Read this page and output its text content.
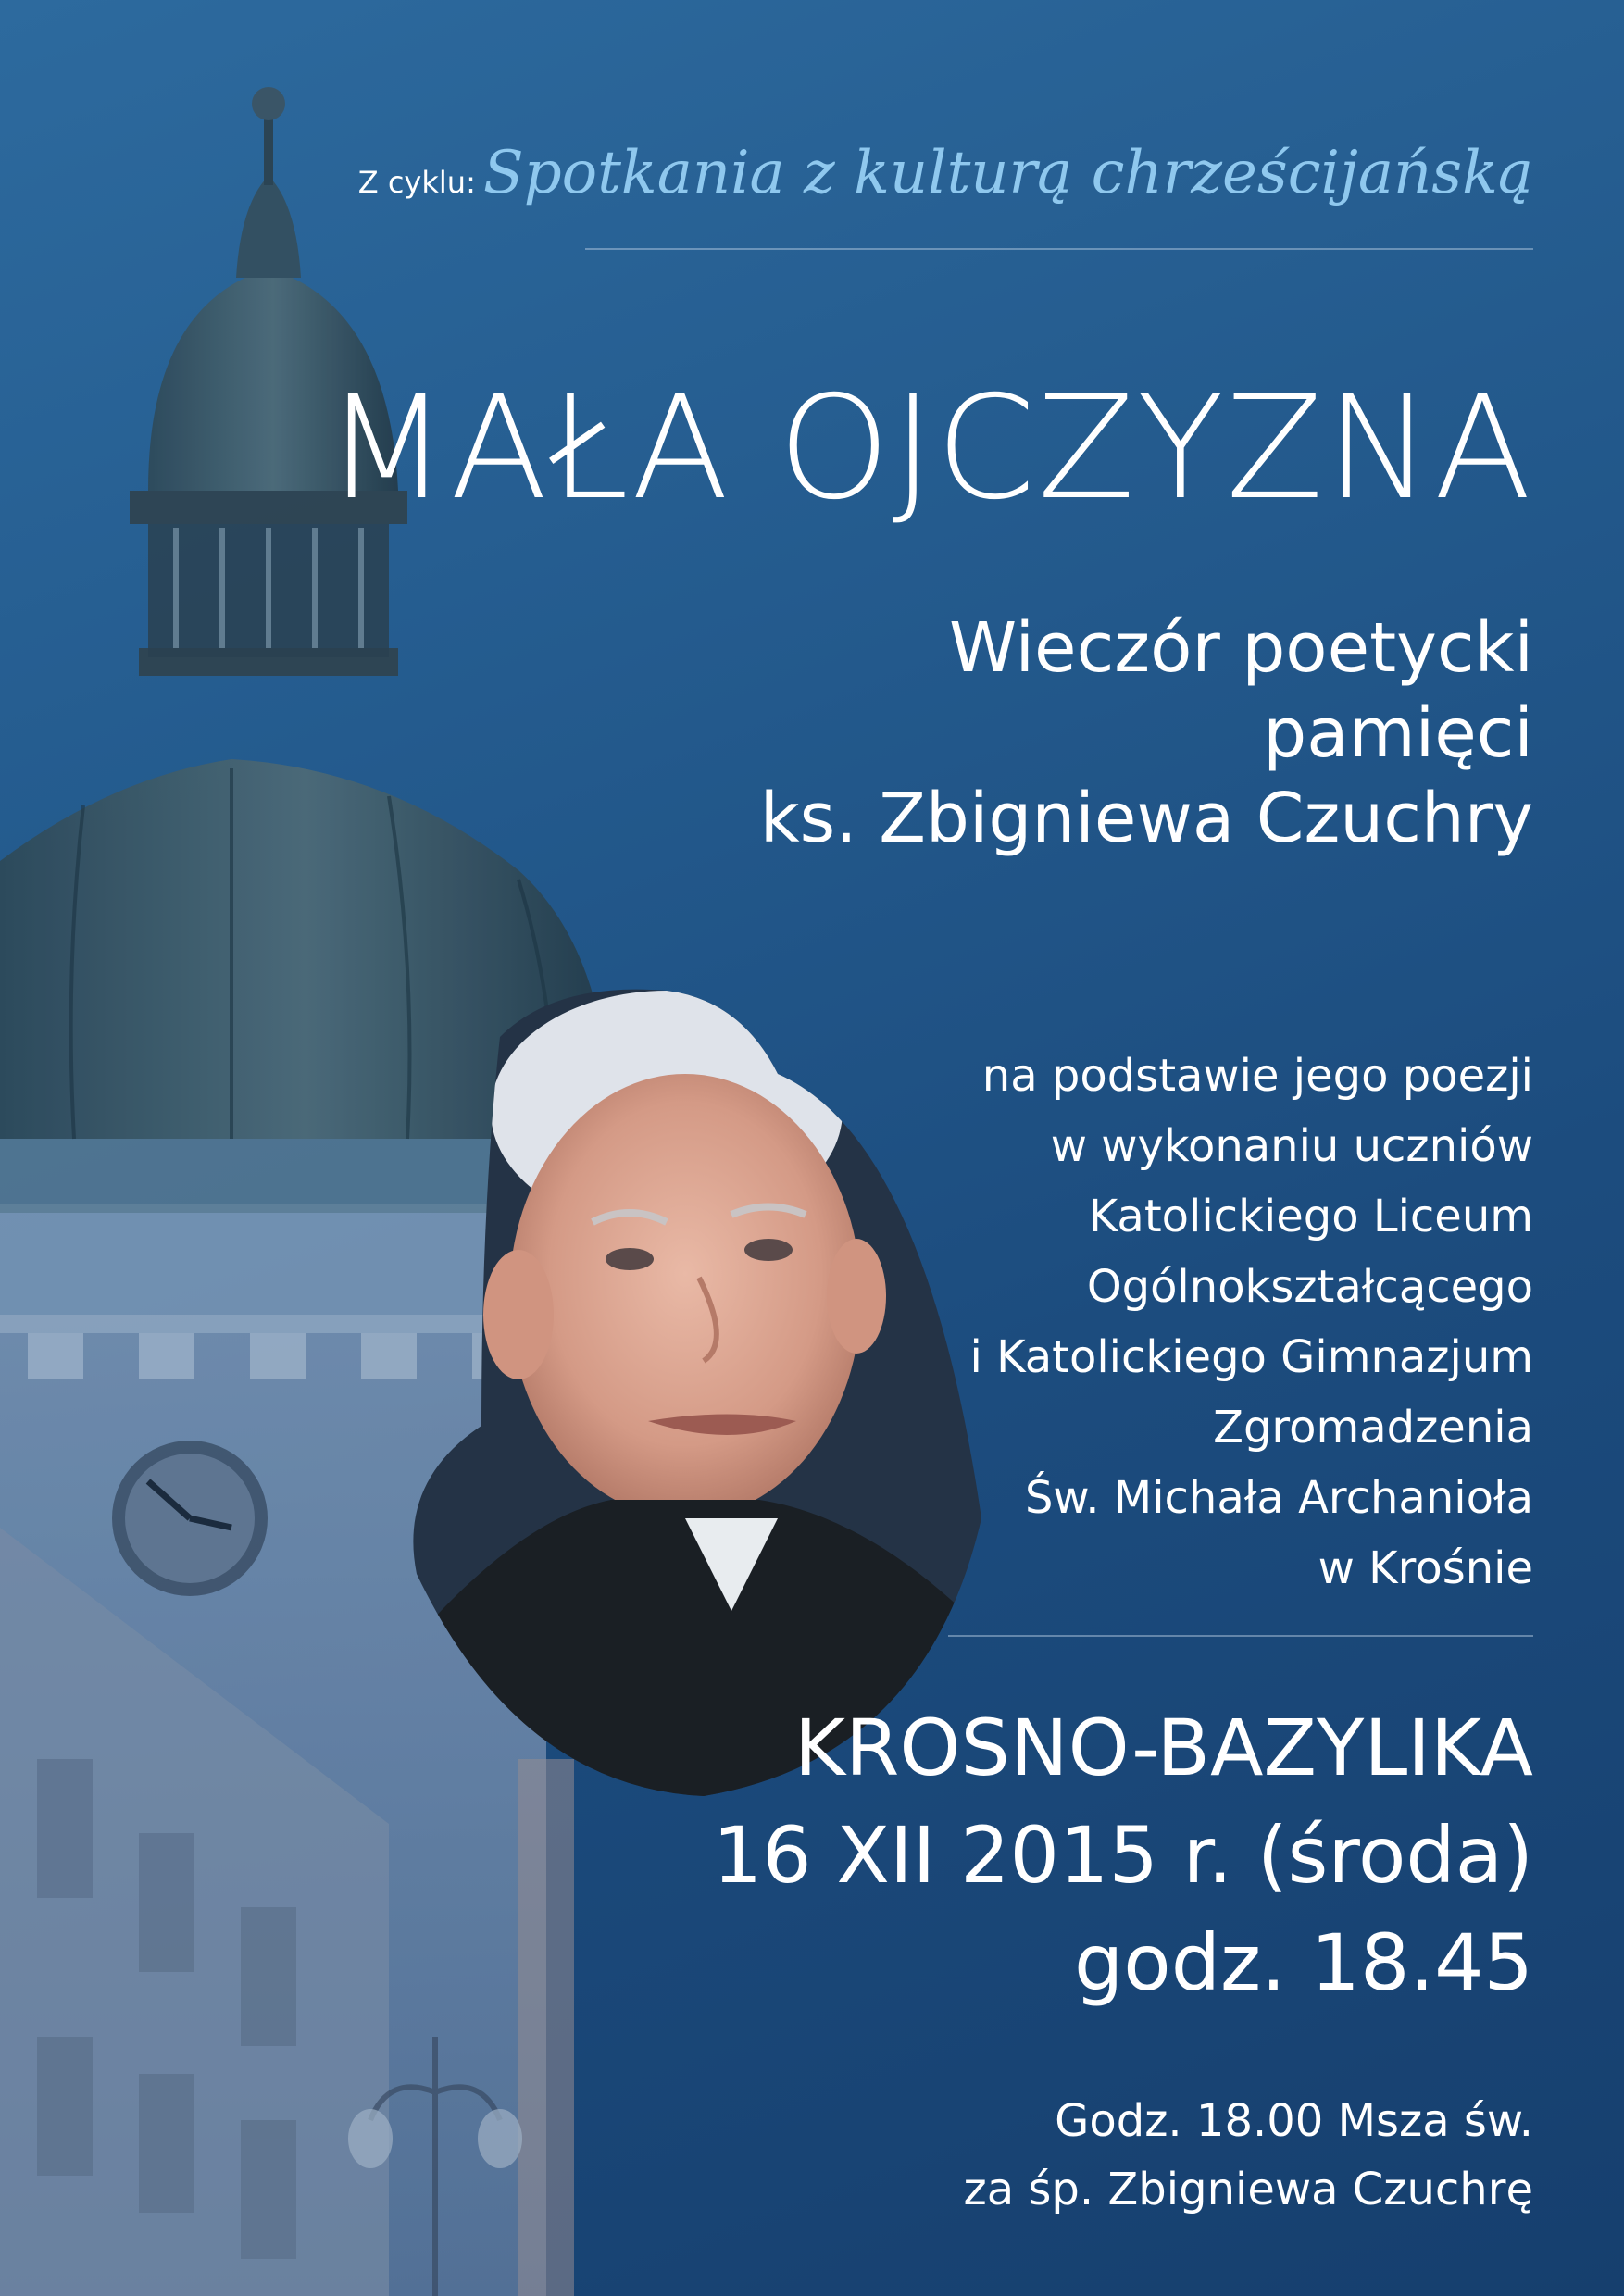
Z cyklu: Spotkania z kulturą chrześcijańską
MAŁA OJCZYZNA
Wieczór poetycki
pamięci
ks. Zbigniewa Czuchry
na podstawie jego poezji
w wykonaniu uczniów
Katolickiego Liceum
Ogólnokształcącego
i Katolickiego Gimnazjum
Zgromadzenia
Św. Michała Archanioła
w Krośnie
KROSNO-BAZYLIKA
16 XII 2015 r. (środa)
godz. 18.45
Godz. 18.00 Msza św.
za śp. Zbigniewa Czuchrę
